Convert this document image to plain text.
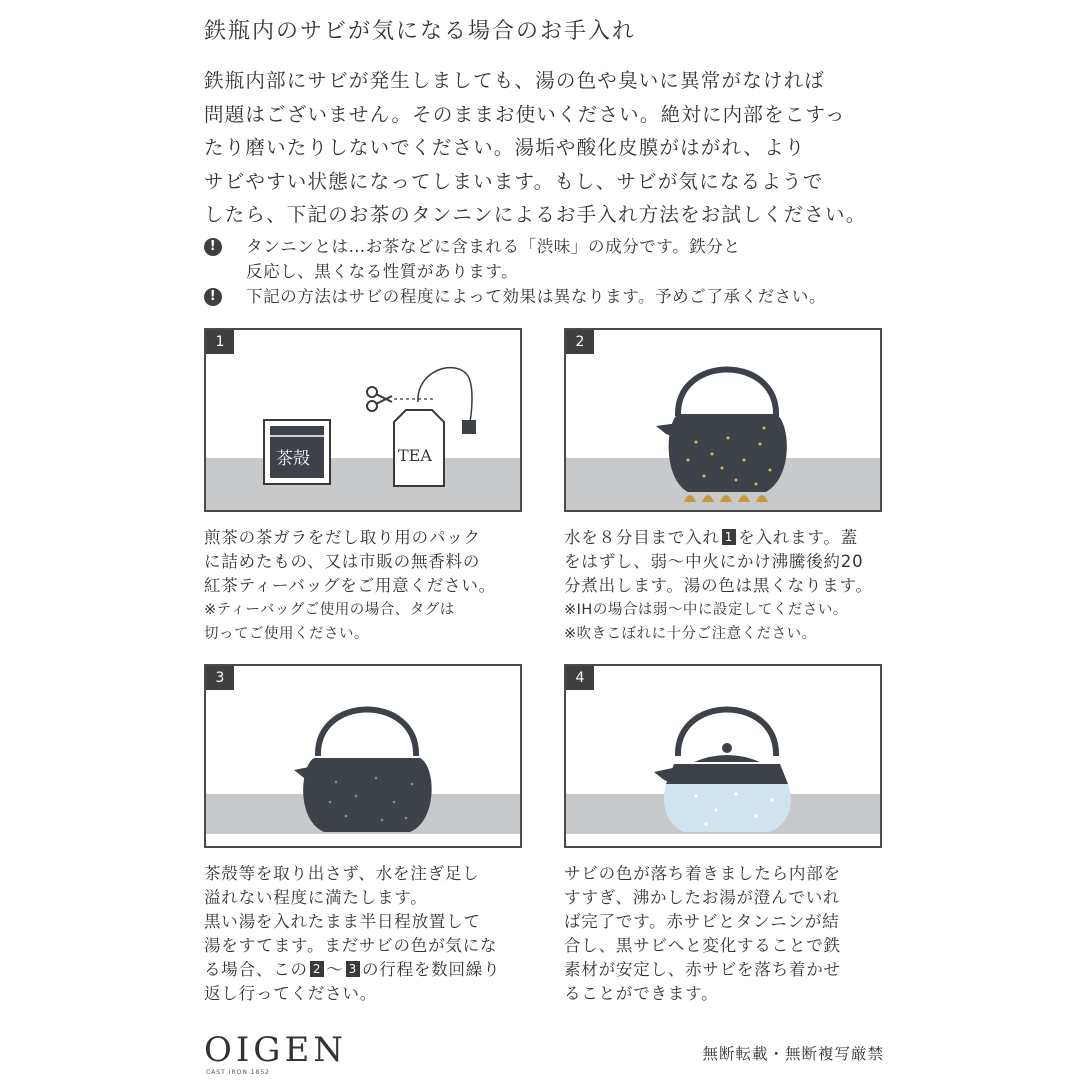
鉄瓶内のサビが気になる場合のお手入れ

鉄瓶内部にサビが発生しましても、湯の色や臭いに異常がなければ

問題はございません。そのままお使いください。絶対に内部をこすっ

たり磨いたりしないでください。湯垢や酸化皮膜がはがれ、より

サビやすい状態になってしまいます。もし、サビが気になるようで

したら、下記のお茶のタンニンによるお手入れ方法をお試しください。

!	タンニンとは…お茶などに含まれる「渋味」の成分です。鉄分と
反応し、黒くなる性質があります。
!	下記の方法はサビの程度によって効果は異なります。予めご了承ください。
1
茶殻	TEA
2
3	4

煎茶の茶ガラをだし取り用のパック

に詰めたもの、又は市販の無香料の

紅茶ティーバッグをご用意ください。

※ティーバッグご使用の場合、タグは

切ってご使用ください。

水を８分目まで入れ 1 を入れます。蓋

をはずし、弱〜中火にかけ沸騰後約20

分煮出します。湯の色は黒くなります。

※IHの場合は弱〜中に設定してください。

※吹きこぼれに十分ご注意ください。

茶殻等を取り出さず、水を注ぎ足し

溢れない程度に満たします。

黒い湯を入れたまま半日程放置して

湯をすてます。まだサビの色が気にな

る場合、この 2 〜 3 の行程を数回繰り

返し行ってください。

サビの色が落ち着きましたら内部を

すすぎ、沸かしたお湯が澄んでいれ

ば完了です。赤サビとタンニンが結

合し、黒サビへと変化することで鉄

素材が安定し、赤サビを落ち着かせ

ることができます。

OIGEN
CAST IRON 1852
無断転載・無断複写厳禁
